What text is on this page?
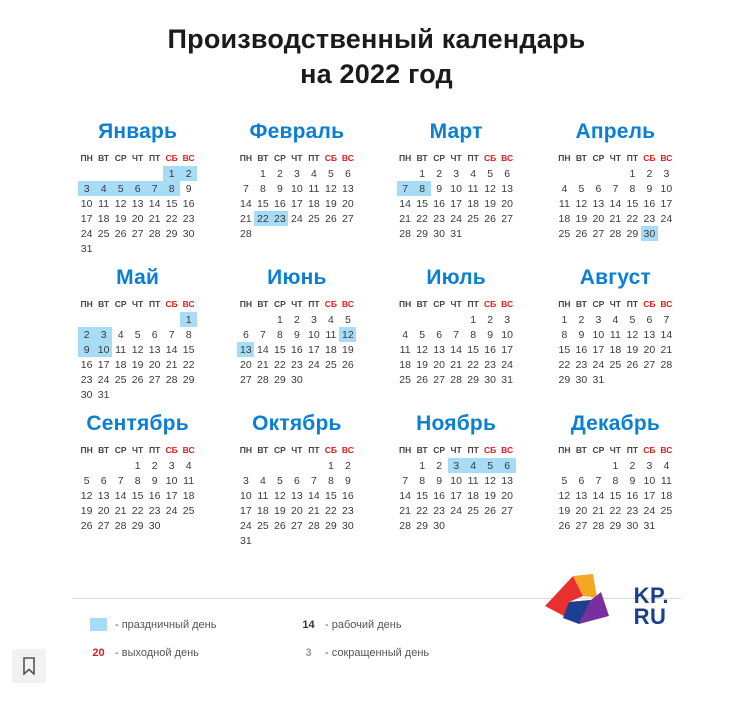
Производственный календарь
на 2022 год
Январь
ПН	ВТ	СР	ЧТ	ПТ	СБ	ВС
					1	2
3	4	5	6	7	8	9
10	11	12	13	14	15	16
17	18	19	20	21	22	23
24	25	26	27	28	29	30
31						
Февраль
ПН	ВТ	СР	ЧТ	ПТ	СБ	ВС
	1	2	3	4	5	6
7	8	9	10	11	12	13
14	15	16	17	18	19	20
21	22	23	24	25	26	27
28						
Март
ПН	ВТ	СР	ЧТ	ПТ	СБ	ВС
	1	2	3	4	5	6
7	8	9	10	11	12	13
14	15	16	17	18	19	20
21	22	23	24	25	26	27
28	29	30	31			
Апрель
ПН	ВТ	СР	ЧТ	ПТ	СБ	ВС
				1	2	3
4	5	6	7	8	9	10
11	12	13	14	15	16	17
18	19	20	21	22	23	24
25	26	27	28	29	30	
Май
ПН	ВТ	СР	ЧТ	ПТ	СБ	ВС
						1
2	3	4	5	6	7	8
9	10	11	12	13	14	15
16	17	18	19	20	21	22
23	24	25	26	27	28	29
30	31					
Июнь
ПН	ВТ	СР	ЧТ	ПТ	СБ	ВС
		1	2	3	4	5
6	7	8	9	10	11	12
13	14	15	16	17	18	19
20	21	22	23	24	25	26
27	28	29	30			
Июль
ПН	ВТ	СР	ЧТ	ПТ	СБ	ВС
				1	2	3
4	5	6	7	8	9	10
11	12	13	14	15	16	17
18	19	20	21	22	23	24
25	26	27	28	29	30	31
Август
ПН	ВТ	СР	ЧТ	ПТ	СБ	ВС
1	2	3	4	5	6	7
8	9	10	11	12	13	14
15	16	17	18	19	20	21
22	23	24	25	26	27	28
29	30	31				
Сентябрь
ПН	ВТ	СР	ЧТ	ПТ	СБ	ВС
			1	2	3	4
5	6	7	8	9	10	11
12	13	14	15	16	17	18
19	20	21	22	23	24	25
26	27	28	29	30		
Октябрь
ПН	ВТ	СР	ЧТ	ПТ	СБ	ВС
					1	2
3	4	5	6	7	8	9
10	11	12	13	14	15	16
17	18	19	20	21	22	23
24	25	26	27	28	29	30
31						
Ноябрь
ПН	ВТ	СР	ЧТ	ПТ	СБ	ВС
	1	2	3	4	5	6
7	8	9	10	11	12	13
14	15	16	17	18	19	20
21	22	23	24	25	26	27
28	29	30				
Декабрь
ПН	ВТ	СР	ЧТ	ПТ	СБ	ВС
			1	2	3	4
5	6	7	8	9	10	11
12	13	14	15	16	17	18
19	20	21	22	23	24	25
26	27	28	29	30	31	
- праздничный день	14 - рабочий день
20 - выходной день	3	- сокращенный день
KP.
RU
